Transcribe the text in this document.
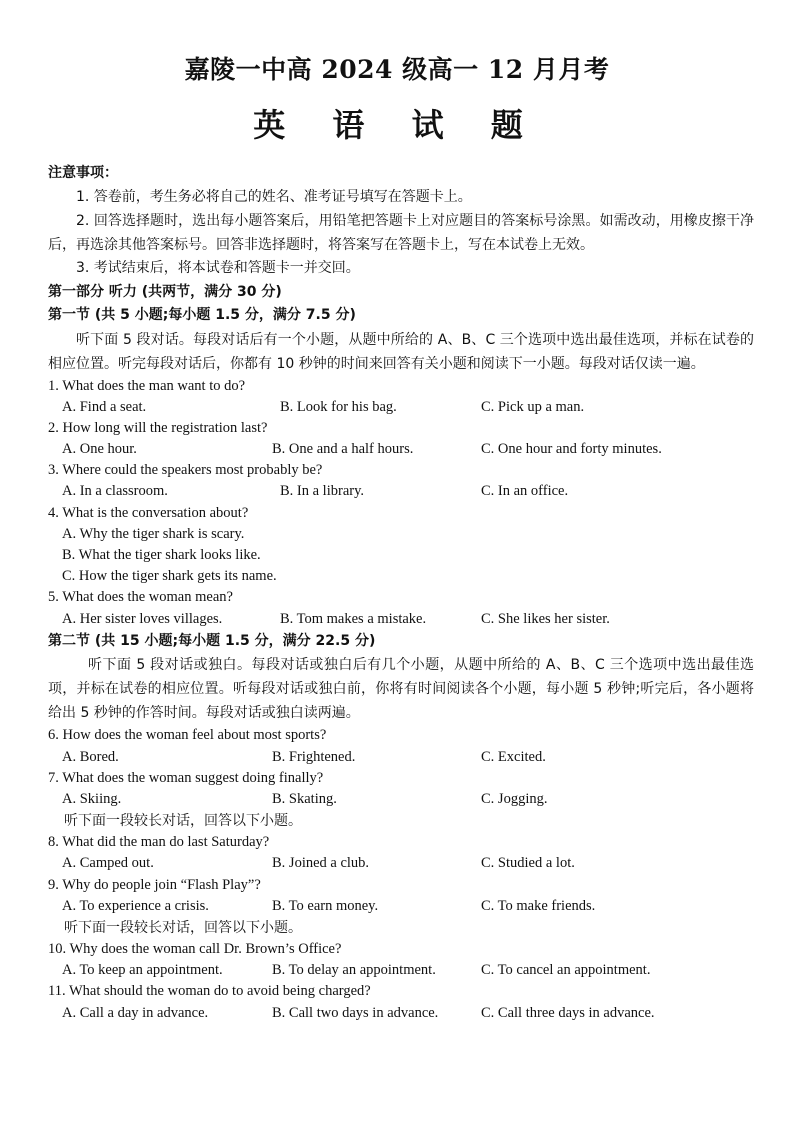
嘉陵一中高 2024 级高一 12 月月考
英 语 试 题
注意事项：
1. 答卷前，考生务必将自己的姓名、准考证号填写在答题卡上。
2. 回答选择题时，选出每小题答案后，用铅笔把答题卡上对应题目的答案标号涂黑。如需改动，用橡皮擦干净后，再选涂其他答案标号。回答非选择题时，将答案写在答题卡上，写在本试卷上无效。
3. 考试结束后，将本试卷和答题卡一并交回。
第一部分 听力 (共两节，满分 30 分)
第一节 (共 5 小题;每小题 1.5 分，满分 7.5 分)
听下面 5 段对话。每段对话后有一个小题，从题中所给的 A、B、C 三个选项中选出最佳选项，并标在试卷的相应位置。听完每段对话后，你都有 10 秒钟的时间来回答有关小题和阅读下一小题。每段对话仅读一遍。
1. What does the man want to do?
A. Find a seat.	B. Look for his bag.	C. Pick up a man.
2. How long will the registration last?
A. One hour.	B. One and a half hours.	C. One hour and forty minutes.
3. Where could the speakers most probably be?
A. In a classroom.	B. In a library.	C. In an office.
4. What is the conversation about?
A. Why the tiger shark is scary.
B. What the tiger shark looks like.
C. How the tiger shark gets its name.
5. What does the woman mean?
A. Her sister loves villages.	B. Tom makes a mistake.	C. She likes her sister.
第二节 (共 15 小题;每小题 1.5 分，满分 22.5 分)
听下面 5 段对话或独白。每段对话或独白后有几个小题，从题中所给的 A、B、C 三个选项中选出最佳选项，并标在试卷的相应位置。听每段对话或独白前，你将有时间阅读各个小题，每小题 5 秒钟;听完后，各小题将给出 5 秒钟的作答时间。每段对话或独白读两遍。
6. How does the woman feel about most sports?
A. Bored.	B. Frightened.	C. Excited.
7. What does the woman suggest doing finally?
A. Skiing.	B. Skating.	C. Jogging.
听下面一段较长对话，回答以下小题。
8. What did the man do last Saturday?
A. Camped out.	B. Joined a club.	C. Studied a lot.
9. Why do people join “Flash Play”?
A. To experience a crisis.	B. To earn money.	C. To make friends.
听下面一段较长对话，回答以下小题。
10. Why does the woman call Dr. Brown’s Office?
A. To keep an appointment.	B. To delay an appointment.	C. To cancel an appointment.
11. What should the woman do to avoid being charged?
A. Call a day in advance.	B. Call two days in advance.	C. Call three days in advance.
